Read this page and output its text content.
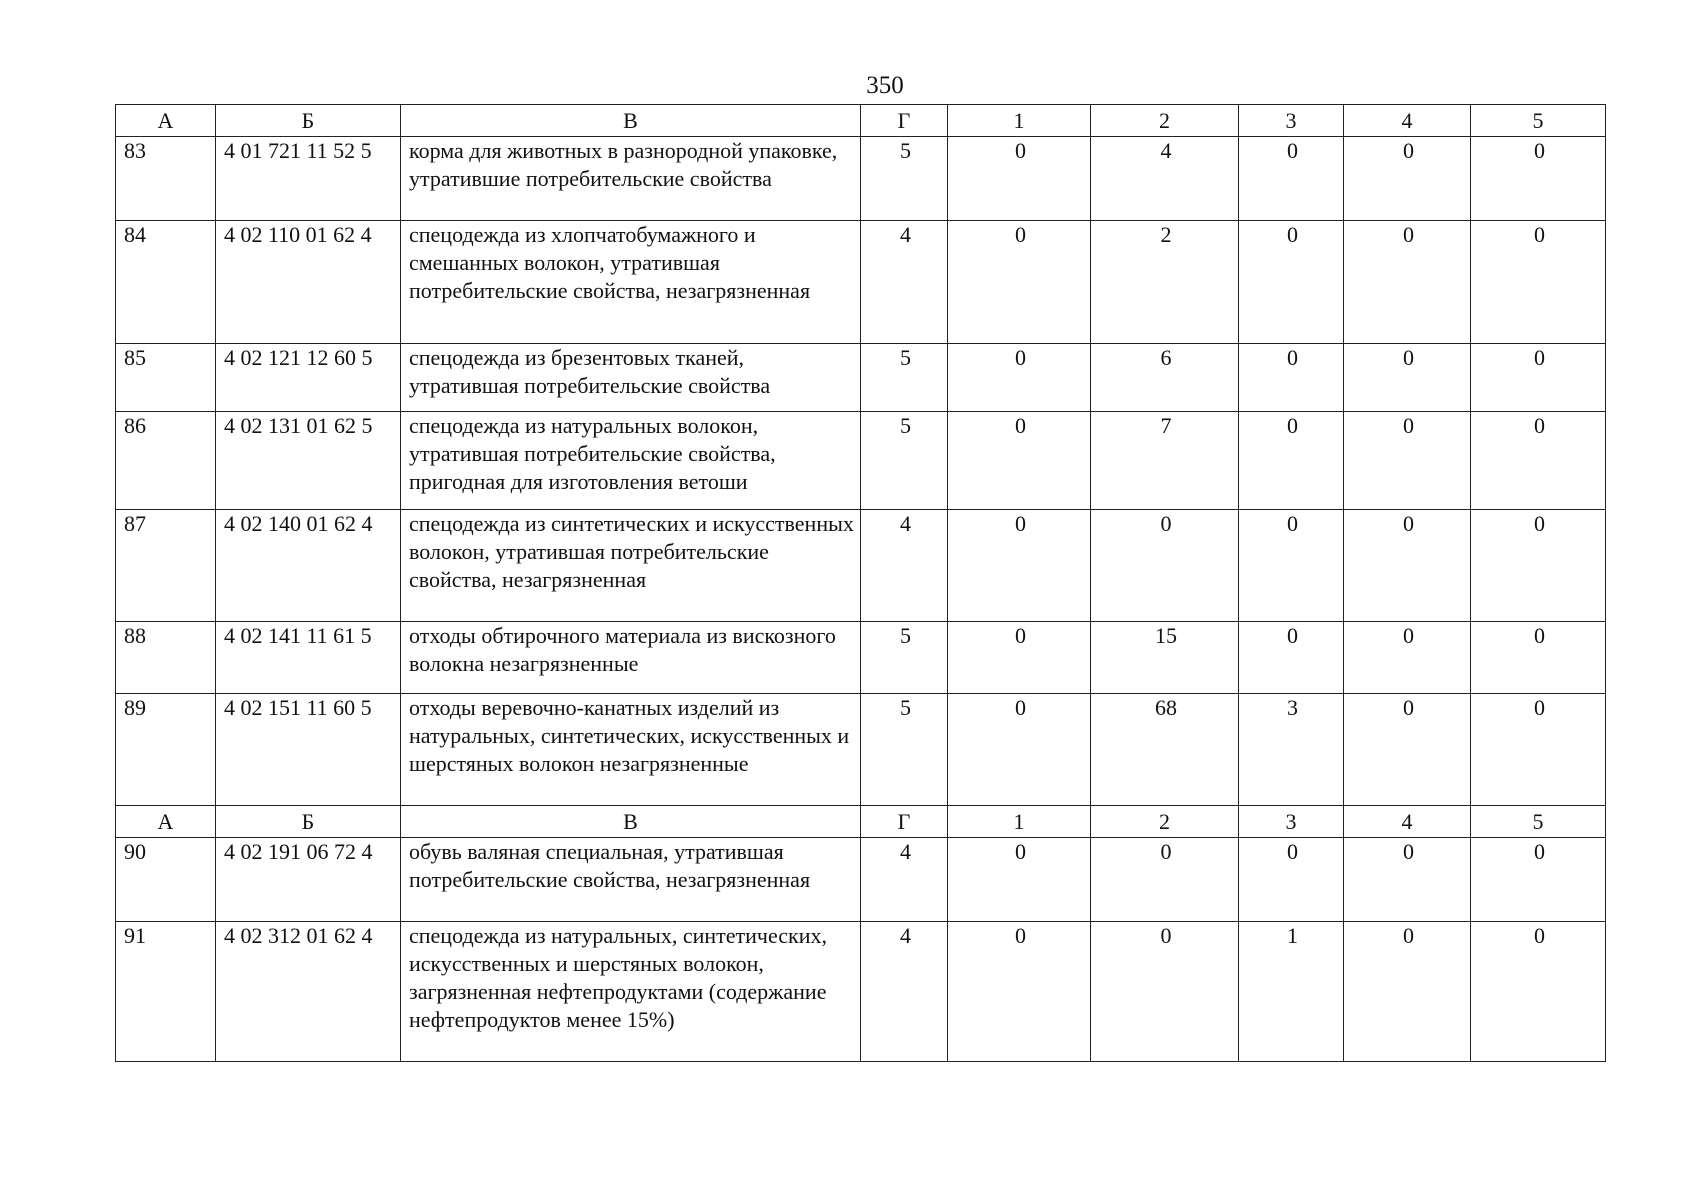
350
А	Б	В	Г	1	2	3	4	5
83	4 01 721 11 52 5	корма для животных в разнородной упаковке, утратившие потребительские свойства	5	0	4	0	0	0
84	4 02 110 01 62 4	спецодежда из хлопчатобумажного и смешанных волокон, утратившая потребительские свойства, незагрязненная	4	0	2	0	0	0
85	4 02 121 12 60 5	спецодежда из брезентовых тканей, утратившая потребительские свойства	5	0	6	0	0	0
86	4 02 131 01 62 5	спецодежда из натуральных волокон, утратившая потребительские свойства, пригодная для изготовления ветоши	5	0	7	0	0	0
87	4 02 140 01 62 4	спецодежда из синтетических и искусственных волокон, утратившая потребительские свойства, незагрязненная	4	0	0	0	0	0
88	4 02 141 11 61 5	отходы обтирочного материала из вискозного волокна незагрязненные	5	0	15	0	0	0
89	4 02 151 11 60 5	отходы веревочно-канатных изделий из натуральных, синтетических, искусственных и шерстяных волокон незагрязненные	5	0	68	3	0	0
А	Б	В	Г	1	2	3	4	5
90	4 02 191 06 72 4	обувь валяная специальная, утратившая потребительские свойства, незагрязненная	4	0	0	0	0	0
91	4 02 312 01 62 4	спецодежда из натуральных, синтетических, искусственных и шерстяных волокон, загрязненная нефтепродуктами (содержание нефтепродуктов менее 15%)	4	0	0	1	0	0
